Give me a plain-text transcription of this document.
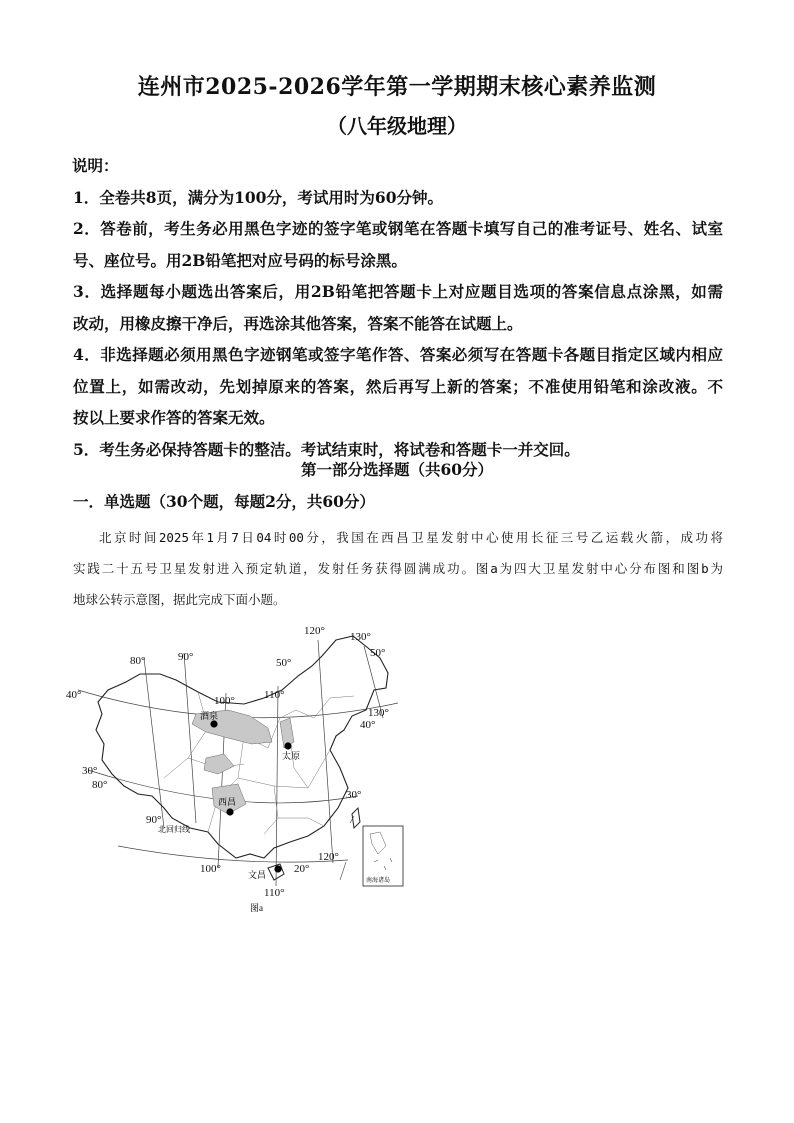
连州市2025-2026学年第一学期期末核心素养监测
（八年级地理）
说明：
1．全卷共8页，满分为100分，考试用时为60分钟。
2．答卷前，考生务必用黑色字迹的签字笔或钢笔在答题卡填写自己的准考证号、姓名、试室
号、座位号。用2B铅笔把对应号码的标号涂黑。
3．选择题每小题选出答案后，用2B铅笔把答题卡上对应题目选项的答案信息点涂黑，如需
改动，用橡皮擦干净后，再选涂其他答案，答案不能答在试题上。
4．非选择题必须用黑色字迹钢笔或签字笔作答、答案必须写在答题卡各题目指定区域内相应
位置上，如需改动，先划掉原来的答案，然后再写上新的答案；不准使用铅笔和涂改液。不
按以上要求作答的答案无效。
5．考生务必保持答题卡的整洁。考试结束时，将试卷和答题卡一并交回。
第一部分选择题（共60分）
一．单选题（30个题，每题2分，共60分）
北京时间2025年1月7日04时00分，我国在西昌卫星发射中心使用长征三号乙运载火箭，成功将
实践二十五号卫星发射进入预定轨道，发射任务获得圆满成功。图a为四大卫星发射中心分布图和图b为
地球公转示意图，据此完成下面小题。
酒泉
太原
西昌
文昌
80°	90°
100°	110°
120° 130°
50°
50°
40°
40°
130°
30°
80°
30°
90°
120°
20°
100°
110°
北回归线
南海诸岛
图a
